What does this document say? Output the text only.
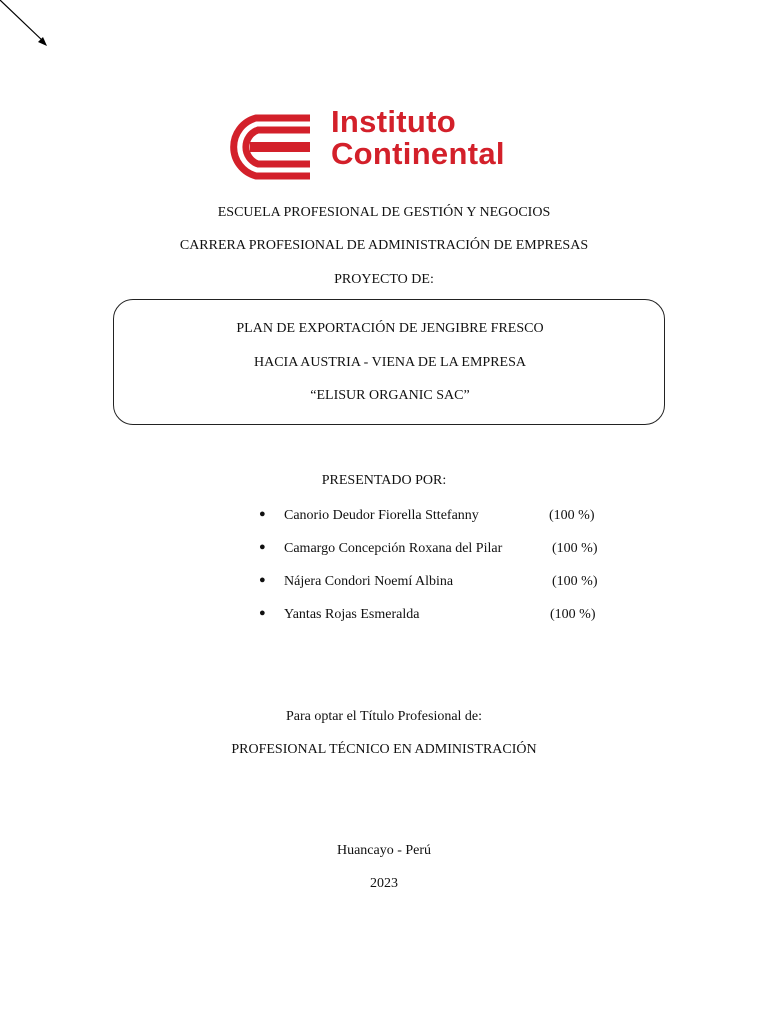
Instituto
Continental
ESCUELA PROFESIONAL DE GESTIÓN Y NEGOCIOS
CARRERA PROFESIONAL DE ADMINISTRACIÓN DE EMPRESAS
PROYECTO DE:
PLAN DE EXPORTACIÓN DE JENGIBRE FRESCO
HACIA AUSTRIA - VIENA DE LA EMPRESA
“ELISUR ORGANIC SAC”
PRESENTADO POR:
● Canorio Deudor Fiorella Sttefanny	(100 %)
● Camargo Concepción Roxana del Pilar	(100 %)
● Nájera Condori Noemí Albina	(100 %)
● Yantas Rojas Esmeralda	(100 %)
Para optar el Título Profesional de:
PROFESIONAL TÉCNICO EN ADMINISTRACIÓN
Huancayo - Perú
2023
